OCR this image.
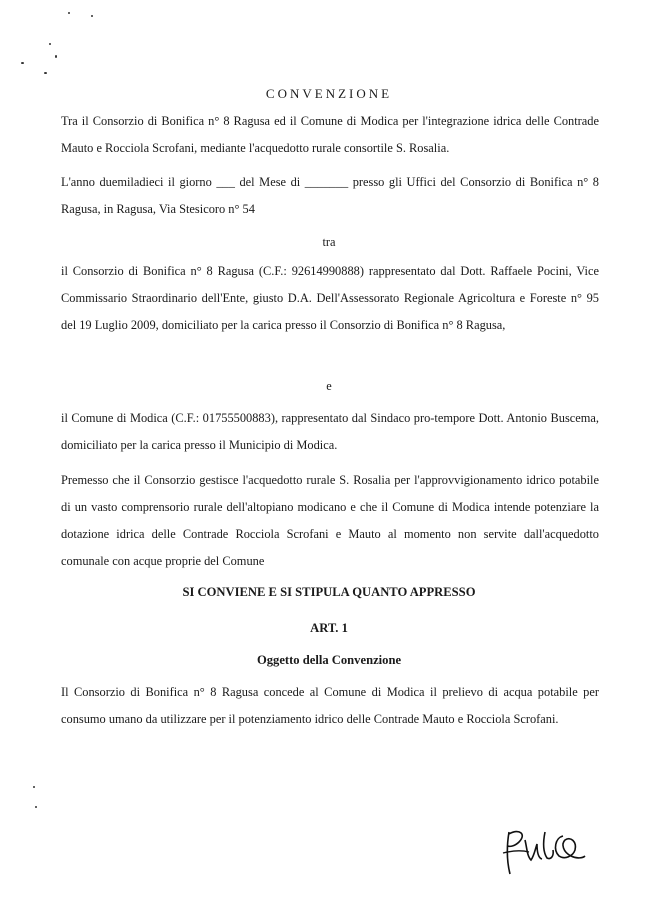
CONVENZIONE
Tra il Consorzio di Bonifica n° 8 Ragusa ed il Comune di Modica per l'integrazione idrica delle Contrade Mauto e Rocciola Scrofani, mediante l'acquedotto rurale consortile S. Rosalia.
L'anno duemiladieci il giorno ___ del Mese di _______ presso gli Uffici del Consorzio di Bonifica n° 8 Ragusa, in Ragusa, Via Stesicoro n° 54
tra
il Consorzio di Bonifica n° 8 Ragusa (C.F.: 92614990888) rappresentato dal Dott. Raffaele Pocini, Vice Commissario Straordinario dell'Ente, giusto D.A. Dell'Assessorato Regionale Agricoltura e Foreste n° 95 del 19 Luglio 2009, domiciliato per la carica presso il Consorzio di Bonifica n° 8 Ragusa,
e
il Comune di Modica (C.F.: 01755500883), rappresentato dal Sindaco pro-tempore Dott. Antonio Buscema, domiciliato per la carica presso il Municipio di Modica.
Premesso che il Consorzio gestisce l'acquedotto rurale S. Rosalia per l'approvvigionamento idrico potabile di un vasto comprensorio rurale dell'altopiano modicano e che il Comune di Modica intende potenziare la dotazione idrica delle Contrade Rocciola Scrofani e Mauto al momento non servite dall'acquedotto comunale con acque proprie del Comune
SI CONVIENE E SI STIPULA QUANTO APPRESSO
ART. 1
Oggetto della Convenzione
Il Consorzio di Bonifica n° 8 Ragusa concede al Comune di Modica il prelievo di acqua potabile per consumo umano da utilizzare per il potenziamento idrico delle Contrade Mauto e Rocciola Scrofani.
